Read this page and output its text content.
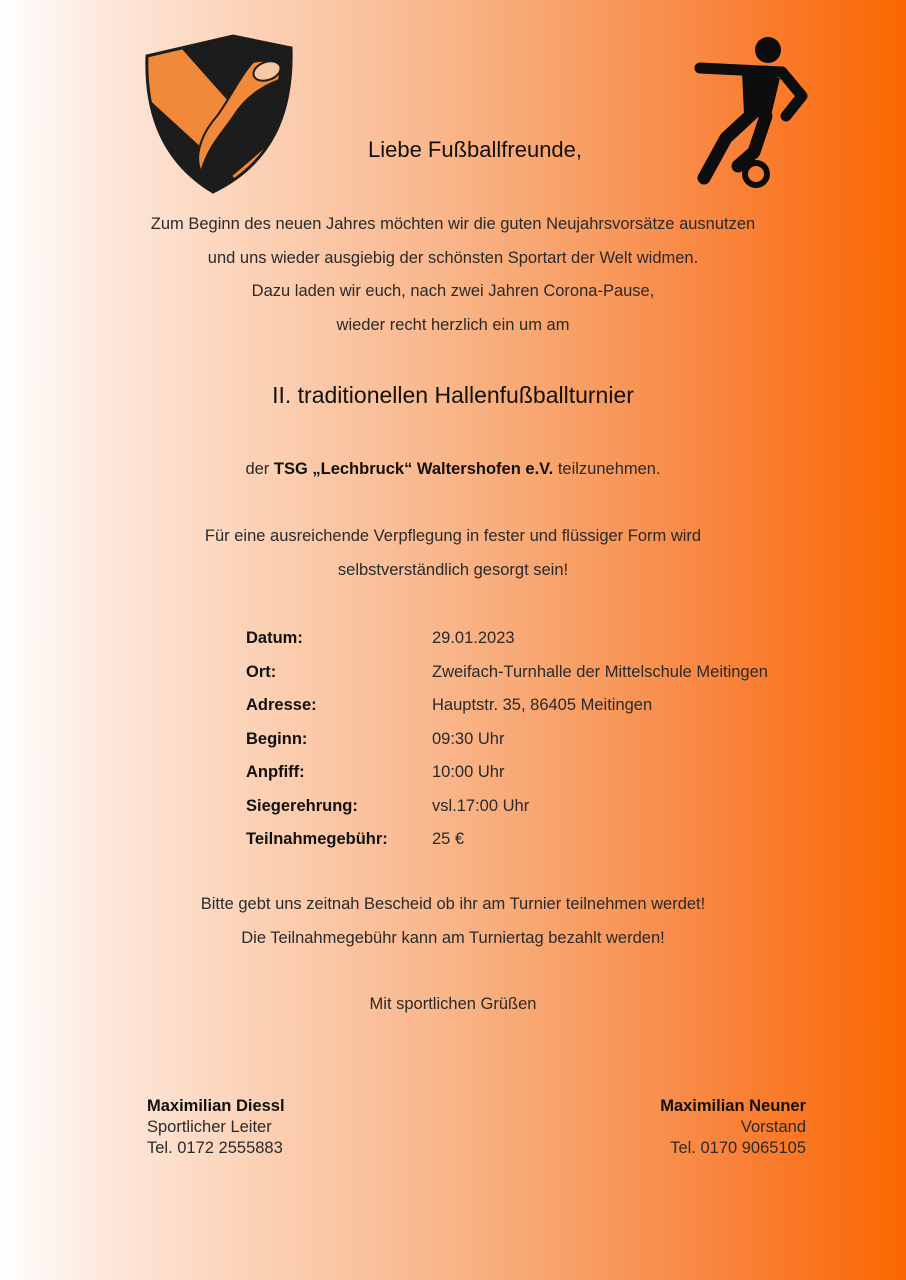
Liebe Fußballfreunde,
Zum Beginn des neuen Jahres möchten wir die guten Neujahrsvorsätze ausnutzen
und uns wieder ausgiebig der schönsten Sportart der Welt widmen.
Dazu laden wir euch, nach zwei Jahren Corona-Pause,
wieder recht herzlich ein um am
II. traditionellen Hallenfußballturnier
der TSG „Lechbruck“ Waltershofen e.V. teilzunehmen.
Für eine ausreichende Verpflegung in fester und flüssiger Form wird
selbstverständlich gesorgt sein!
Datum:	29.01.2023
Ort:	Zweifach-Turnhalle der Mittelschule Meitingen
Adresse:	Hauptstr. 35, 86405 Meitingen
Beginn:	09:30 Uhr
Anpfiff:	10:00 Uhr
Siegerehrung:	vsl.17:00 Uhr
Teilnahmegebühr:	25 €
Bitte gebt uns zeitnah Bescheid ob ihr am Turnier teilnehmen werdet!
Die Teilnahmegebühr kann am Turniertag bezahlt werden!
Mit sportlichen Grüßen
Maximilian Diessl
Sportlicher Leiter
Tel. 0172 2555883
Maximilian Neuner
Vorstand
Tel. 0170 9065105
